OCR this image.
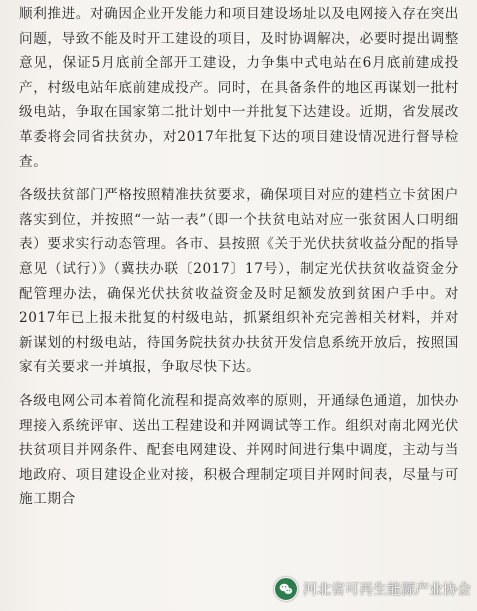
顺利推进。对确因企业开发能力和项目建设场址以及电网接入存在突出问题，导致不能及时开工建设的项目，及时协调解决，必要时提出调整意见，保证5月底前全部开工建设，力争集中式电站在6月底前建成投产，村级电站年底前建成投产。同时，在具备条件的地区再谋划一批村级电站，争取在国家第二批计划中一并批复下达建设。近期，省发展改革委将会同省扶贫办，对2017年批复下达的项目建设情况进行督导检查。

各级扶贫部门严格按照精准扶贫要求，确保项目对应的建档立卡贫困户落实到位，并按照“一站一表”（即一个扶贫电站对应一张贫困人口明细表）要求实行动态管理。各市、县按照《关于光伏扶贫收益分配的指导意见（试行）》（冀扶办联〔2017〕17号），制定光伏扶贫收益资金分配管理办法，确保光伏扶贫收益资金及时足额发放到贫困户手中。对2017年已上报未批复的村级电站，抓紧组织补充完善相关材料，并对新谋划的村级电站，待国务院扶贫办扶贫开发信息系统开放后，按照国家有关要求一并填报，争取尽快下达。

各级电网公司本着简化流程和提高效率的原则，开通绿色通道，加快办理接入系统评审、送出工程建设和并网调试等工作。组织对南北网光伏扶贫项目并网条件、配套电网建设、并网时间进行集中调度，主动与当地政府、项目建设企业对接，积极合理制定项目并网时间表，尽量与可施工期合

河北省可再生能源产业协会
